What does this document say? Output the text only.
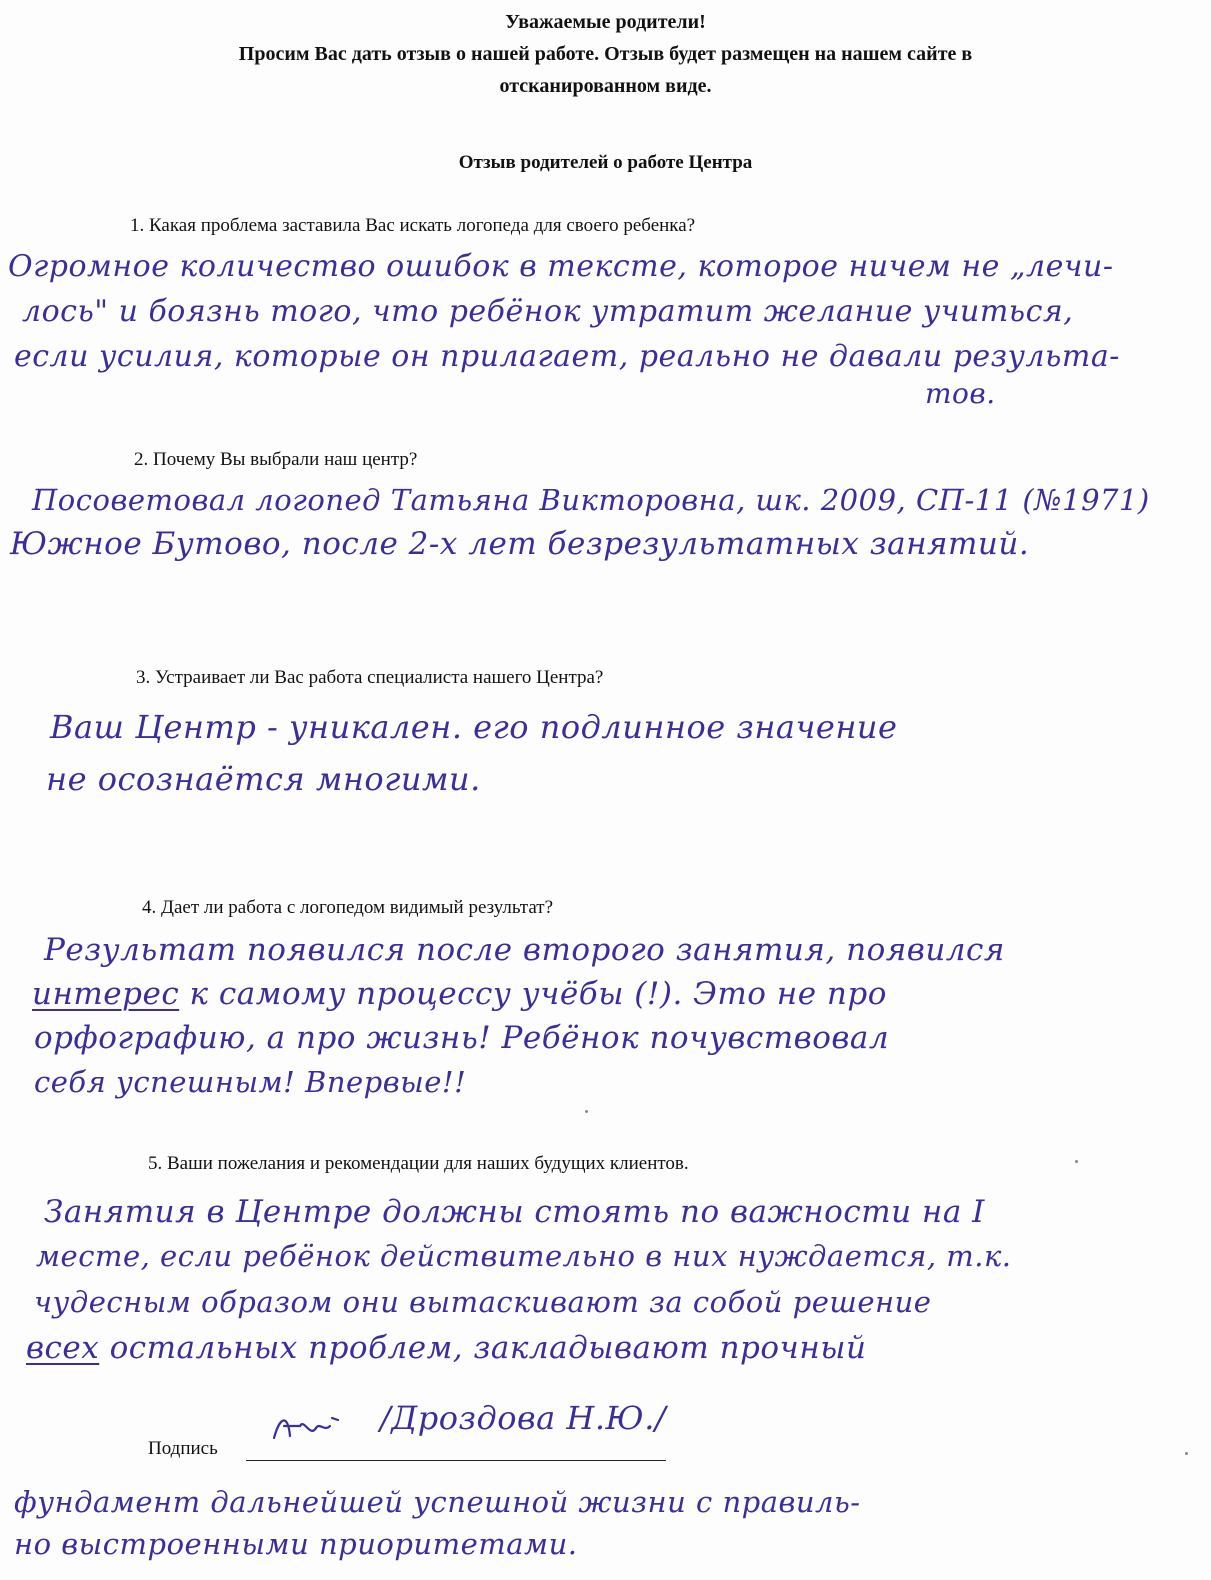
Уважаемые родители!
Просим Вас дать отзыв о нашей работе. Отзыв будет размещен на нашем сайте в
отсканированном виде.
Отзыв родителей о работе Центра
1. Какая проблема заставила Вас искать логопеда для своего ребенка?
Огромное количество ошибок в тексте, которое ничем не „лечи-
лось" и боязнь того, что ребёнок утратит желание учиться,
если усилия, которые он прилагает, реально не давали результа-
тов.
2. Почему Вы выбрали наш центр?
Посоветовал логопед Татьяна Викторовна, шк. 2009, СП-11 (№1971)
Южное Бутово, после 2-х лет безрезультатных занятий.
3. Устраивает ли Вас работа специалиста нашего Центра?
Ваш Центр - уникален. его подлинное значение
не осознаётся многими.
4. Дает ли работа с логопедом видимый результат?
Результат появился после второго занятия, появился
интерес к самому процессу учёбы (!). Это не про
орфографию, а про жизнь! Ребёнок почувствовал
себя успешным! Впервые!!
5. Ваши пожелания и рекомендации для наших будущих клиентов.
Занятия в Центре должны стоять по важности на I
месте, если ребёнок действительно в них нуждается, т.к.
чудесным образом они вытаскивают за собой решение
всех остальных проблем, закладывают прочный
Подпись
/Дроздова Н.Ю./
фундамент дальнейшей успешной жизни с правиль-
но выстроенными приоритетами.
